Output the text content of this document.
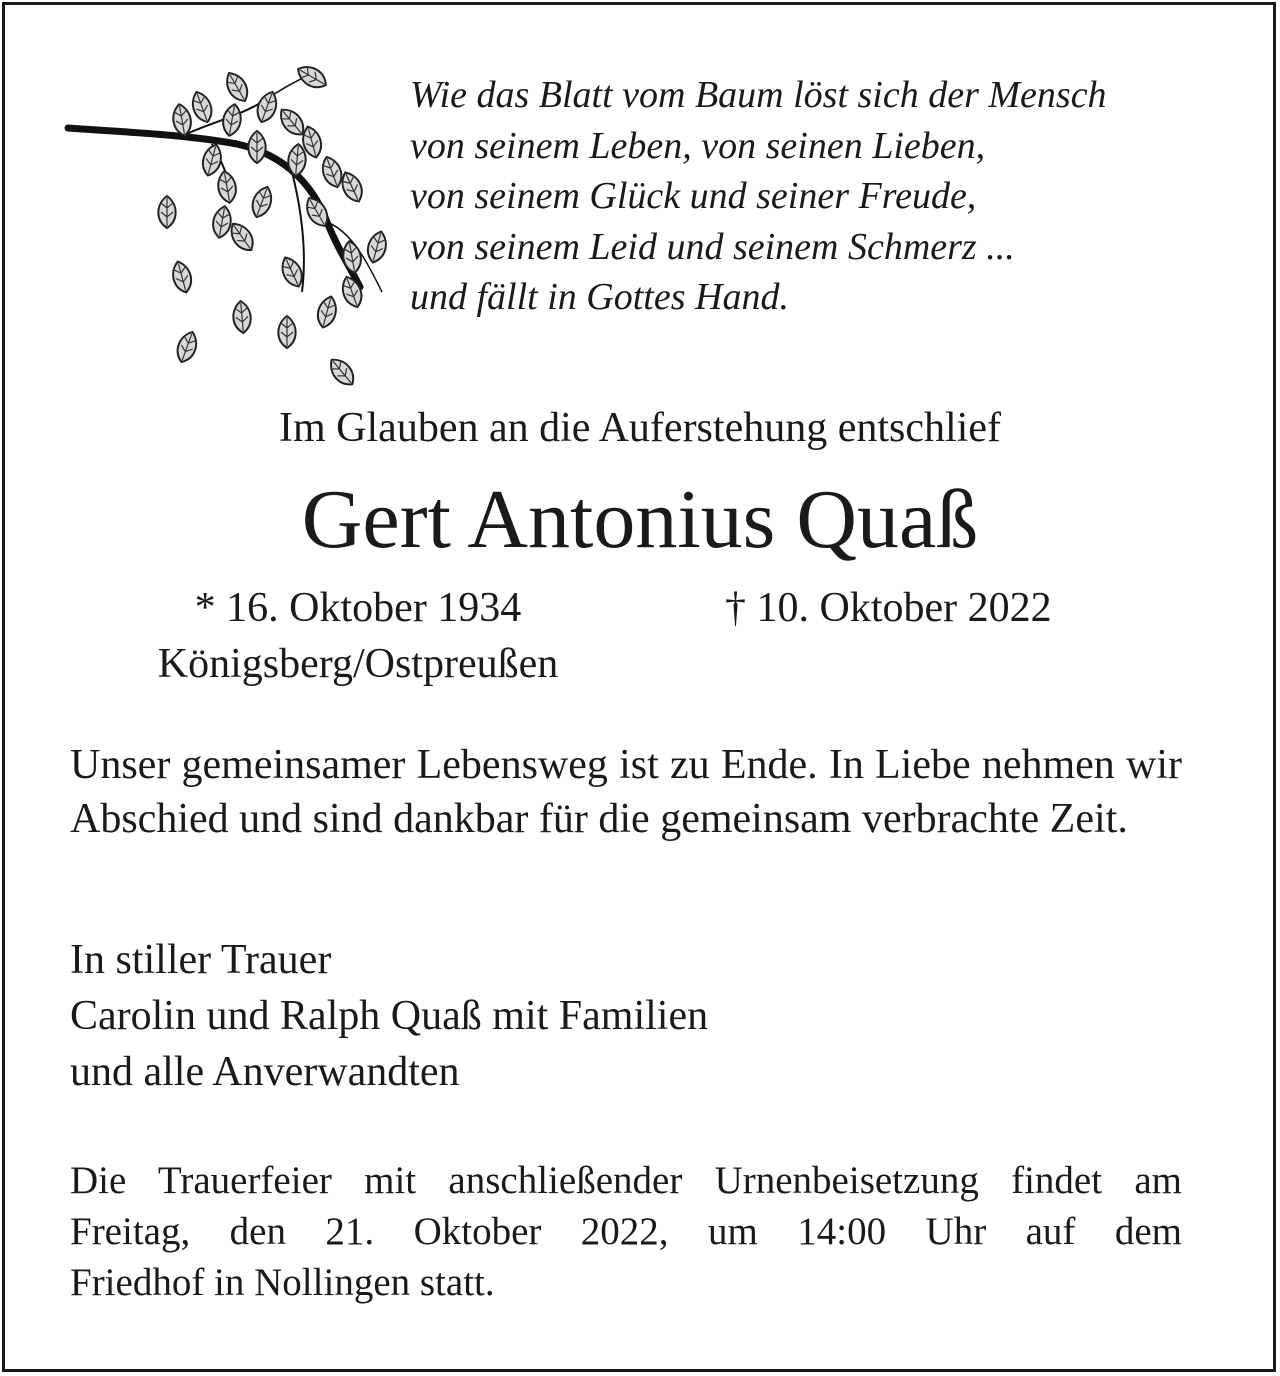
Wie das Blatt vom Baum löst sich der Mensch
von seinem Leben, von seinen Lieben,
von seinem Glück und seiner Freude,
von seinem Leid und seinem Schmerz ...
und fällt in Gottes Hand.
Im Glauben an die Auferstehung entschlief
Gert Antonius Quaß
* 16. Oktober 1934
Königsberg/Ostpreußen
† 10. Oktober 2022
Unser gemeinsamer Lebensweg ist zu Ende. In Liebe nehmen wir Abschied und sind dankbar für die gemeinsam verbrachte Zeit.
In stiller Trauer
Carolin und Ralph Quaß mit Familien
und alle Anverwandten
Die Trauerfeier mit anschließender Urnenbeisetzung findet am
Freitag, den 21. Oktober 2022, um 14:00 Uhr auf dem
Friedhof in Nollingen statt.
